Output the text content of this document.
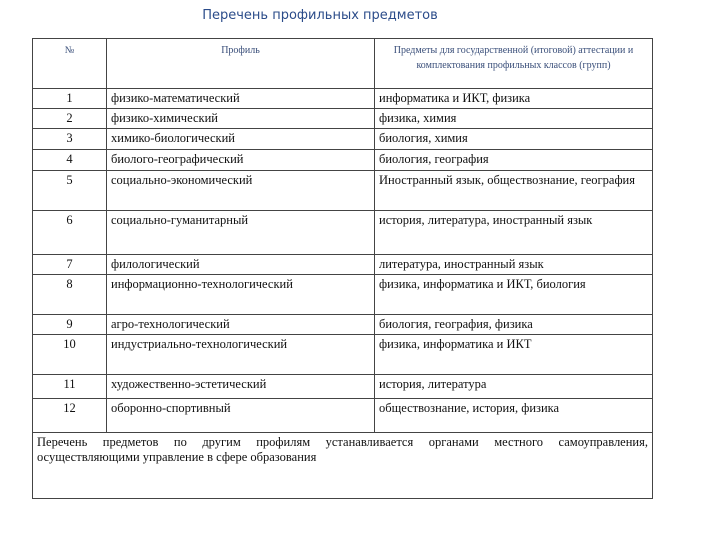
Перечень профильных предметов
№	Профиль	Предметы для государственной (итоговой) аттестации и комплектования профильных классов (групп)
1	физико-математический	информатика и ИКТ, физика
2	физико-химический	физика, химия
3	химико-биологический	биология, химия
4	биолого-географический	биология, география
5	социально-экономический	Иностранный язык, обществознание, география
6	социально-гуманитарный	история, литература, иностранный язык
7	филологический	литература, иностранный язык
8	информационно-технологический	физика, информатика и ИКТ, биология
9	агро-технологический	биология, география, физика
10	индустриально-технологический	физика, информатика и ИКТ
11	художественно-эстетический	история, литература
12	оборонно-спортивный	обществознание, история, физика
Перечень предметов по другим профилям устанавливается органами местного самоуправления, осуществляющими управление в сфере образования		
